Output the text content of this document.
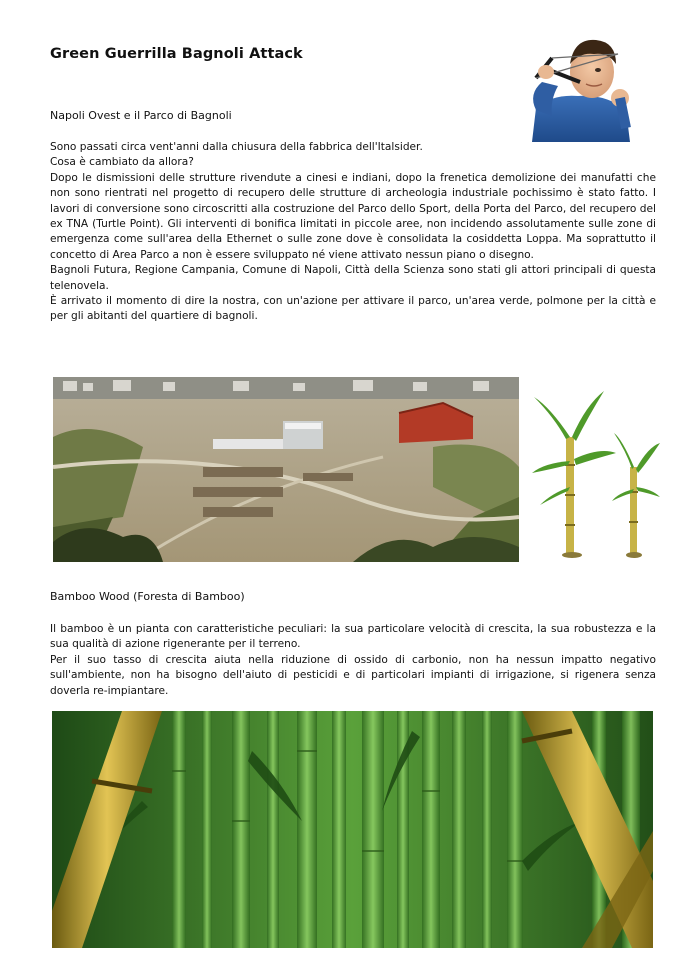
Green Guerrilla Bagnoli Attack
Napoli Ovest e il Parco di Bagnoli

Sono passati circa vent'anni dalla chiusura della fabbrica dell'Italsider.

Cosa è cambiato da allora?

Dopo le dismissioni delle strutture rivendute a cinesi e indiani, dopo la frenetica demolizione dei manufatti che non sono rientrati nel progetto di recupero delle strutture di archeologia industriale pochissimo è stato fatto. I lavori di conversione sono circoscritti alla costruzione del Parco dello Sport, della Porta del Parco, del recupero del ex TNA (Turtle Point). Gli interventi di bonifica limitati in piccole aree, non incidendo assolutamente sulle zone di emergenza come sull'area della Ethernet o sulle zone dove è consolidata la cosiddetta Loppa. Ma soprattutto il concetto di Area Parco a non è essere sviluppato né viene attivato nessun piano o disegno.

Bagnoli Futura, Regione Campania, Comune di Napoli, Città della Scienza sono stati gli attori principali di questa telenovela.

È arrivato il momento di dire la nostra, con un'azione per attivare il parco, un'area verde, polmone per la città e per gli abitanti del quartiere di bagnoli.

Bamboo Wood (Foresta di Bamboo)

Il bamboo è un pianta con caratteristiche peculiari: la sua particolare velocità di crescita, la sua robustezza e la sua qualità di azione rigenerante per il terreno.

Per il suo tasso di crescita aiuta nella riduzione di ossido di carbonio, non ha nessun impatto negativo sull'ambiente, non ha bisogno dell'aiuto di pesticidi e di particolari impianti di irrigazione, si rigenera senza doverla re-impiantare.
